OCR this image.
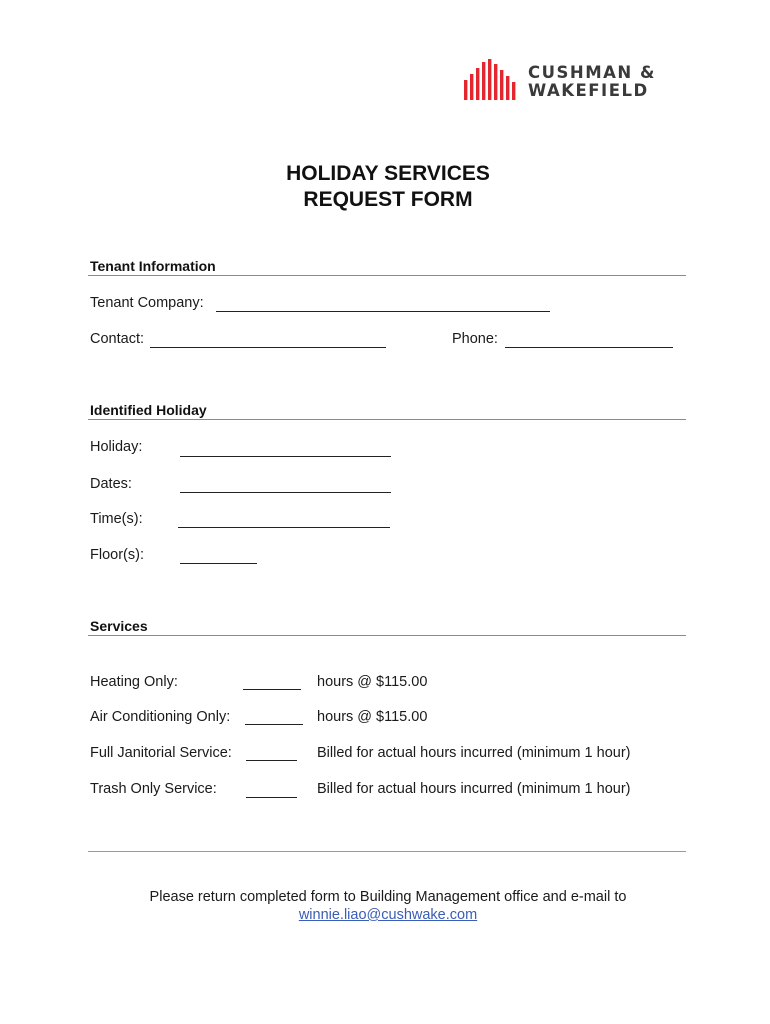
CUSHMAN &
WAKEFIELD
HOLIDAY SERVICES
REQUEST FORM
Tenant Information
Tenant Company:
Contact:	Phone:
Identified Holiday
Holiday:
Dates:
Time(s):
Floor(s):
Services
Heating Only:	hours @ $115.00
Air Conditioning Only:	hours @ $115.00
Full Janitorial Service:	Billed for actual hours incurred (minimum 1 hour)
Trash Only Service:	Billed for actual hours incurred (minimum 1 hour)
Please return completed form to Building Management office and e-mail to
winnie.liao@cushwake.com
